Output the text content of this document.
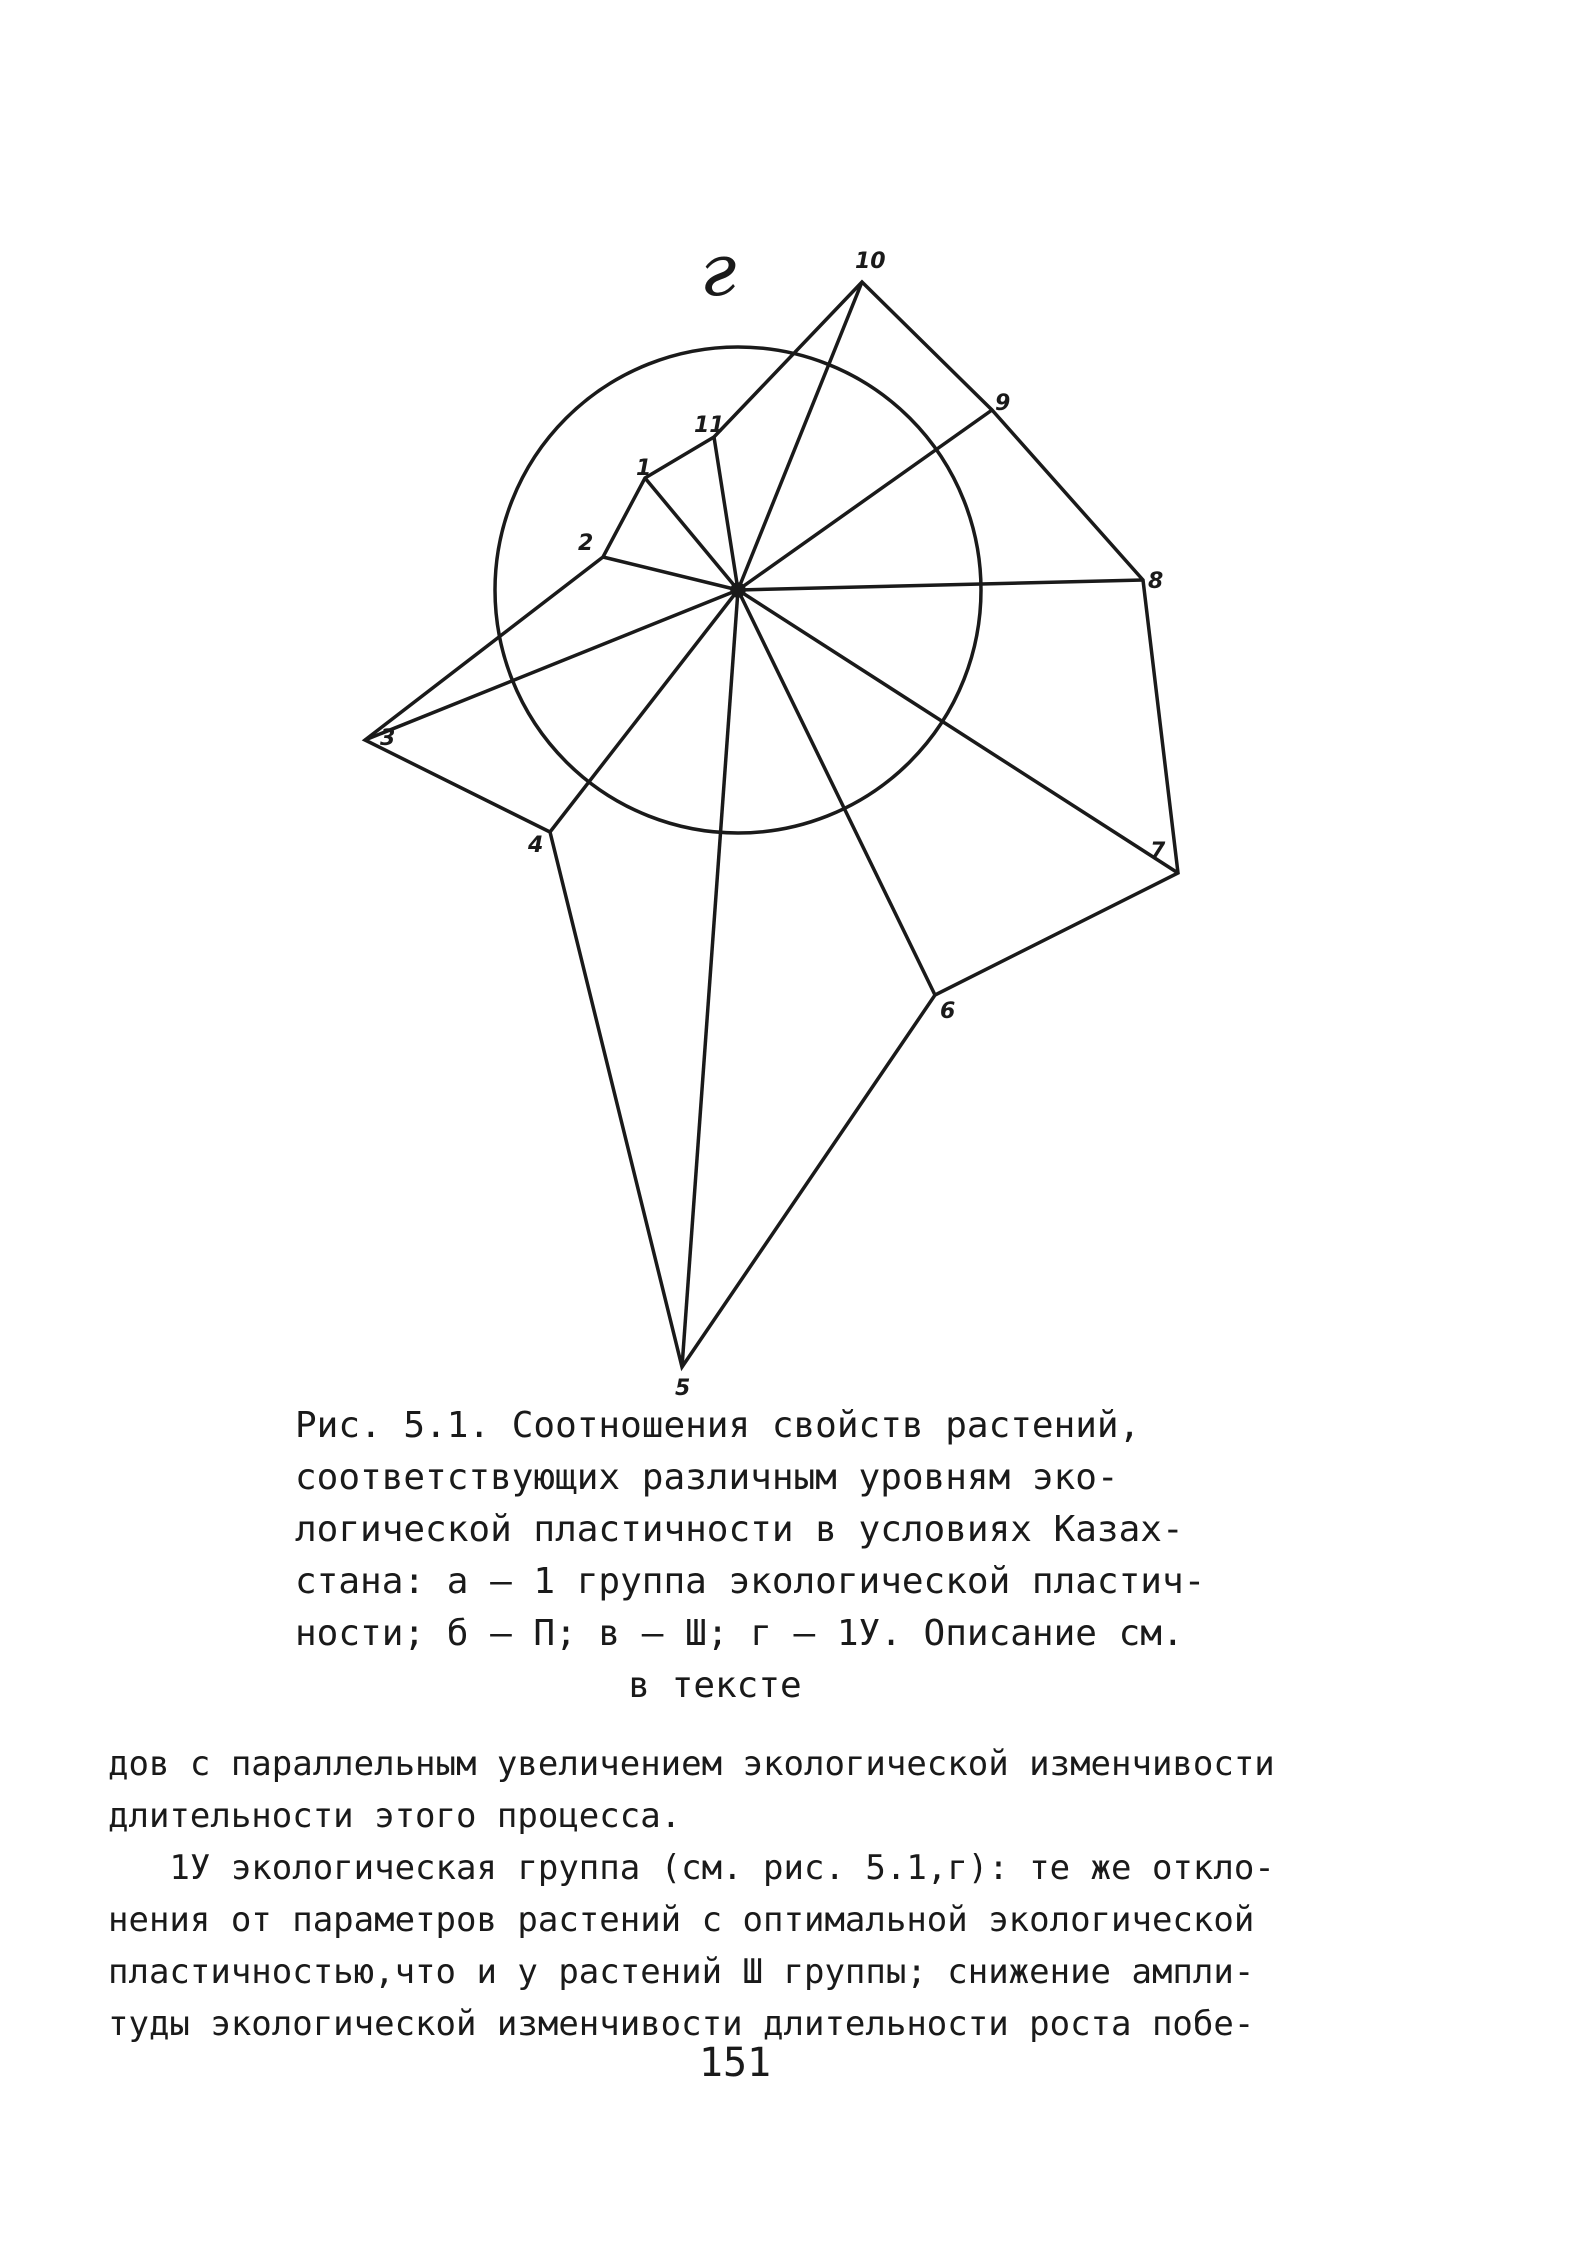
г
1
2
3
4
5
6
7
8
9
10
11
Рис. 5.1. Соотношения свойств растений,
соответствующих различным уровням эко-
логической пластичности в условиях Казах-
стана: а – 1 группа экологической пластич-
ности; б – П; в – Ш; г – 1У. Описание см.
в тексте
дов с параллельным увеличением экологической изменчивости
длительности этого процесса.
1У экологическая группа (см. рис. 5.1,г): те же откло-
нения от параметров растений с оптимальной экологической
пластичностью,что и у растений Ш группы; снижение ампли-
туды экологической изменчивости длительности роста побе-
151
